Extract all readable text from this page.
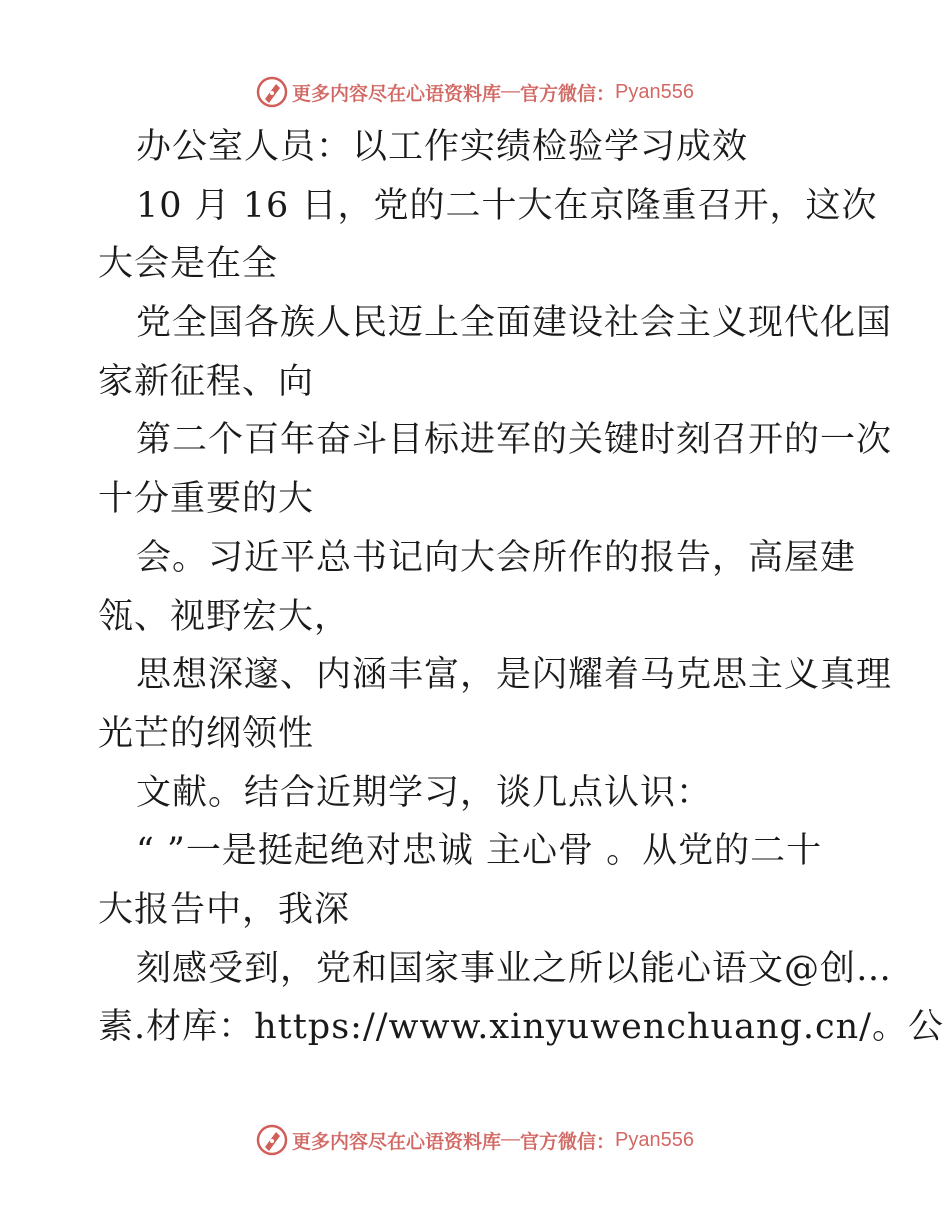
更多内容尽在心语资料库 — 官方微信： Pyan556
办公室人员：以工作实绩检验学习成效
10 月 16 日，党的二十大在京隆重召开，这次
大会是在全
党全国各族人民迈上全面建设社会主义现代化国
家新征程、向
第二个百年奋斗目标进军的关键时刻召开的一次
十分重要的大
会。习近平总书记向大会所作的报告，高屋建
瓴、视野宏大，
思想深邃、内涵丰富，是闪耀着马克思主义真理
光芒的纲领性
文献。结合近期学习，谈几点认识：
“ ”一是挺起绝对忠诚 主心骨 。从党的二十
大报告中，我深
刻感受到，党和国家事业之所以能心语文@创…
素.材库：https://www.xinyuwenchuang.cn/。公
更多内容尽在心语资料库 — 官方微信： Pyan556
